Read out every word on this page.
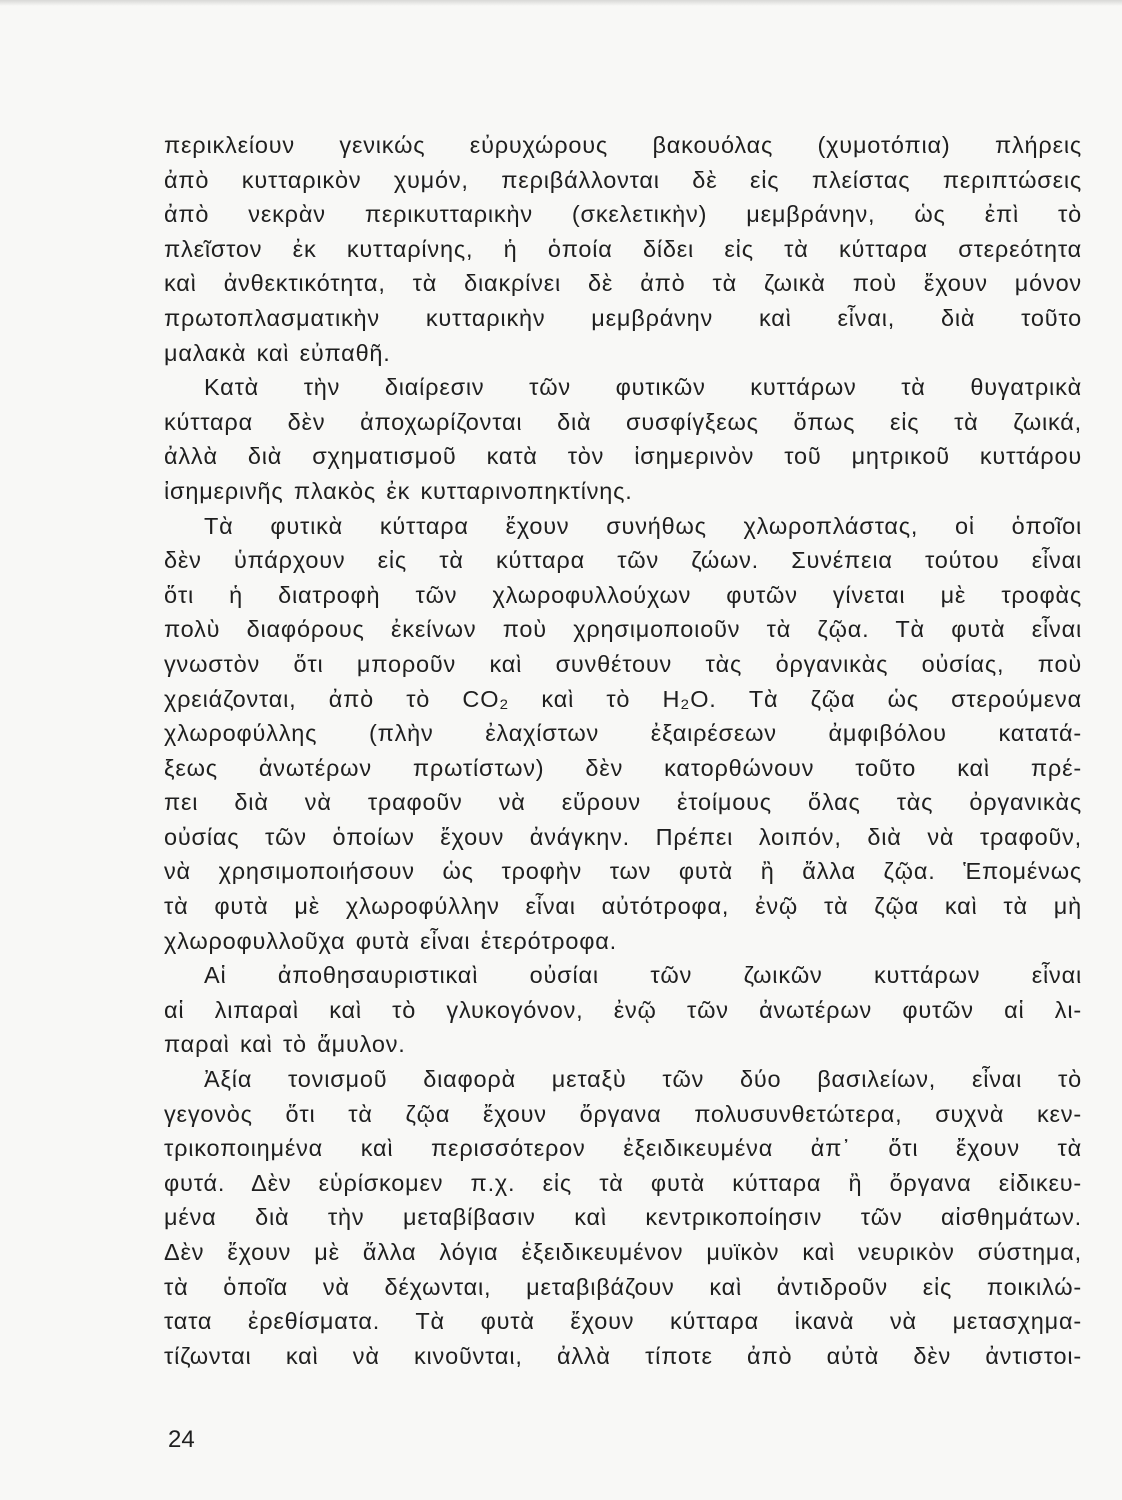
περικλείουν γενικώς εὐρυχώρους βακουόλας (χυμοτόπια) πλήρεις
ἀπὸ κυτταρικὸν χυμόν, περιβάλλονται δὲ εἰς πλείστας περιπτώσεις
ἀπὸ νεκρὰν περικυτταρικὴν (σκελετικὴν) μεμβράνην, ὡς ἐπὶ τὸ
πλεῖστον ἐκ κυτταρίνης, ἡ ὁποία δίδει εἰς τὰ κύτταρα στερεότητα
καὶ ἀνθεκτικότητα, τὰ διακρίνει δὲ ἀπὸ τὰ ζωικὰ ποὺ ἔχουν μόνον
πρωτοπλασματικὴν κυτταρικὴν μεμβράνην καὶ εἶναι, διὰ τοῦτο
μαλακὰ καὶ εὐπαθῆ.

Κατὰ τὴν διαίρεσιν τῶν φυτικῶν κυττάρων τὰ θυγατρικὰ
κύτταρα δὲν ἀποχωρίζονται διὰ συσφίγξεως ὅπως εἰς τὰ ζωικά,
ἀλλὰ διὰ σχηματισμοῦ κατὰ τὸν ἰσημερινὸν τοῦ μητρικοῦ κυττάρου
ἰσημερινῆς πλακὸς ἐκ κυτταρινοπηκτίνης.

Τὰ φυτικὰ κύτταρα ἔχουν συνήθως χλωροπλάστας, οἱ ὁποῖοι
δὲν ὑπάρχουν εἰς τὰ κύτταρα τῶν ζώων. Συνέπεια τούτου εἶναι
ὅτι ἡ διατροφὴ τῶν χλωροφυλλούχων φυτῶν γίνεται μὲ τροφὰς
πολὺ διαφόρους ἐκείνων ποὺ χρησιμοποιοῦν τὰ ζῷα. Τὰ φυτὰ εἶναι
γνωστὸν ὅτι μποροῦν καὶ συνθέτουν τὰς ὀργανικὰς οὐσίας, ποὺ
χρειάζονται, ἀπὸ τὸ CO₂ καὶ τὸ H₂O. Τὰ ζῷα ὡς στερούμενα
χλωροφύλλης (πλὴν ἐλαχίστων ἐξαιρέσεων ἀμφιβόλου κατατά-
ξεως ἀνωτέρων πρωτίστων) δὲν κατορθώνουν τοῦτο καὶ πρέ-
πει διὰ νὰ τραφοῦν νὰ εὕρουν ἑτοίμους ὅλας τὰς ὀργανικὰς
οὐσίας τῶν ὁποίων ἔχουν ἀνάγκην. Πρέπει λοιπόν, διὰ νὰ τραφοῦν,
νὰ χρησιμοποιήσουν ὡς τροφὴν των φυτὰ ἢ ἄλλα ζῷα. Ἑπομένως
τὰ φυτὰ μὲ χλωροφύλλην εἶναι αὐτότροφα, ἐνῷ τὰ ζῷα καὶ τὰ μὴ
χλωροφυλλοῦχα φυτὰ εἶναι ἑτερότροφα.

Αἱ ἀποθησαυριστικαὶ οὐσίαι τῶν ζωικῶν κυττάρων εἶναι
αἱ λιπαραὶ καὶ τὸ γλυκογόνον, ἐνῷ τῶν ἀνωτέρων φυτῶν αἱ λι-
παραὶ καὶ τὸ ἄμυλον.

Ἀξία τονισμοῦ διαφορὰ μεταξὺ τῶν δύο βασιλείων, εἶναι τὸ
γεγονὸς ὅτι τὰ ζῷα ἔχουν ὄργανα πολυσυνθετώτερα, συχνὰ κεν-
τρικοποιημένα καὶ περισσότερον ἐξειδικευμένα ἀπ᾿ ὅτι ἔχουν τὰ
φυτά. Δὲν εὑρίσκομεν π.χ. εἰς τὰ φυτὰ κύτταρα ἢ ὄργανα εἰδικευ-
μένα διὰ τὴν μεταβίβασιν καὶ κεντρικοποίησιν τῶν αἰσθημάτων.
Δὲν ἔχουν μὲ ἄλλα λόγια ἐξειδικευμένον μυϊκὸν καὶ νευρικὸν σύστημα,
τὰ ὁποῖα νὰ δέχωνται, μεταβιβάζουν καὶ ἀντιδροῦν εἰς ποικιλώ-
τατα ἐρεθίσματα. Τὰ φυτὰ ἔχουν κύτταρα ἱκανὰ νὰ μετασχημα-
τίζωνται καὶ νὰ κινοῦνται, ἀλλὰ τίποτε ἀπὸ αὐτὰ δὲν ἀντιστοι-

24
